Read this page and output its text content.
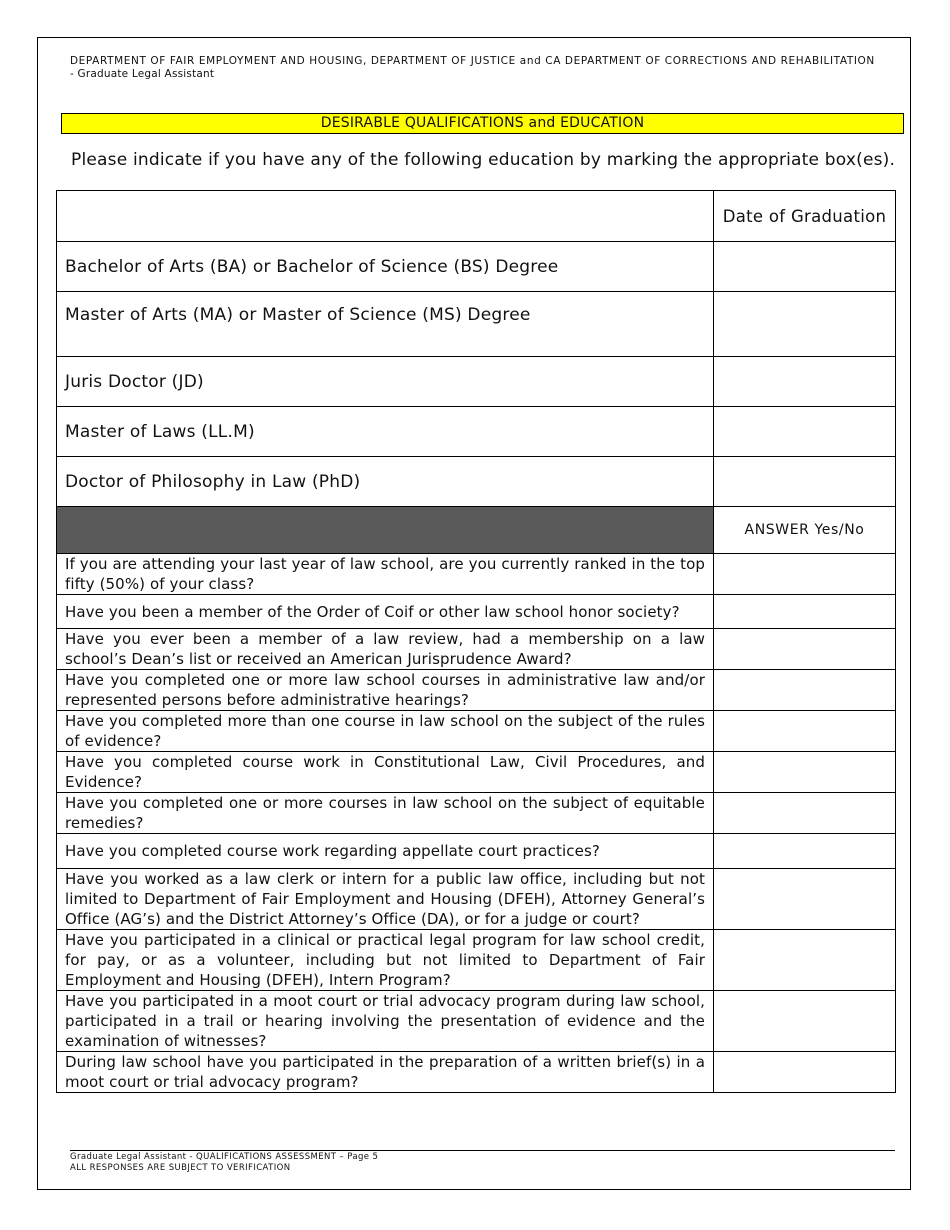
DEPARTMENT OF FAIR EMPLOYMENT AND HOUSING, DEPARTMENT OF JUSTICE and CA DEPARTMENT OF CORRECTIONS AND REHABILITATION
- Graduate Legal Assistant
DESIRABLE QUALIFICATIONS and EDUCATION
Please indicate if you have any of the following education by marking the appropriate box(es).
	Date of Graduation
Bachelor of Arts (BA) or Bachelor of Science (BS) Degree	
Master of Arts (MA) or Master of Science (MS) Degree	
Juris Doctor (JD)	
Master of Laws (LL.M)	
Doctor of Philosophy in Law (PhD)	
	ANSWER Yes/No
If you are attending your last year of law school, are you currently ranked in the top fifty (50%) of your class?	
Have you been a member of the Order of Coif or other law school honor society?	
Have you ever been a member of a law review, had a membership on a law school’s Dean’s list or received an American Jurisprudence Award?	
Have you completed one or more law school courses in administrative law and/or represented persons before administrative hearings?	
Have you completed more than one course in law school on the subject of the rules of evidence?	
Have you completed course work in Constitutional Law, Civil Procedures, and Evidence?	
Have you completed one or more courses in law school on the subject of equitable remedies?	
Have you completed course work regarding appellate court practices?	
Have you worked as a law clerk or intern for a public law office, including but not limited to Department of Fair Employment and Housing (DFEH), Attorney General’s Office (AG’s) and the District Attorney’s Office (DA), or for a judge or court?	
Have you participated in a clinical or practical legal program for law school credit, for pay, or as a volunteer, including but not limited to Department of Fair Employment and Housing (DFEH), Intern Program?	
Have you participated in a moot court or trial advocacy program during law school, participated in a trail or hearing involving the presentation of evidence and the examination of witnesses?	
During law school have you participated in the preparation of a written brief(s) in a moot court or trial advocacy program?	
Graduate Legal Assistant - QUALIFICATIONS ASSESSMENT – Page 5
ALL RESPONSES ARE SUBJECT TO VERIFICATION
